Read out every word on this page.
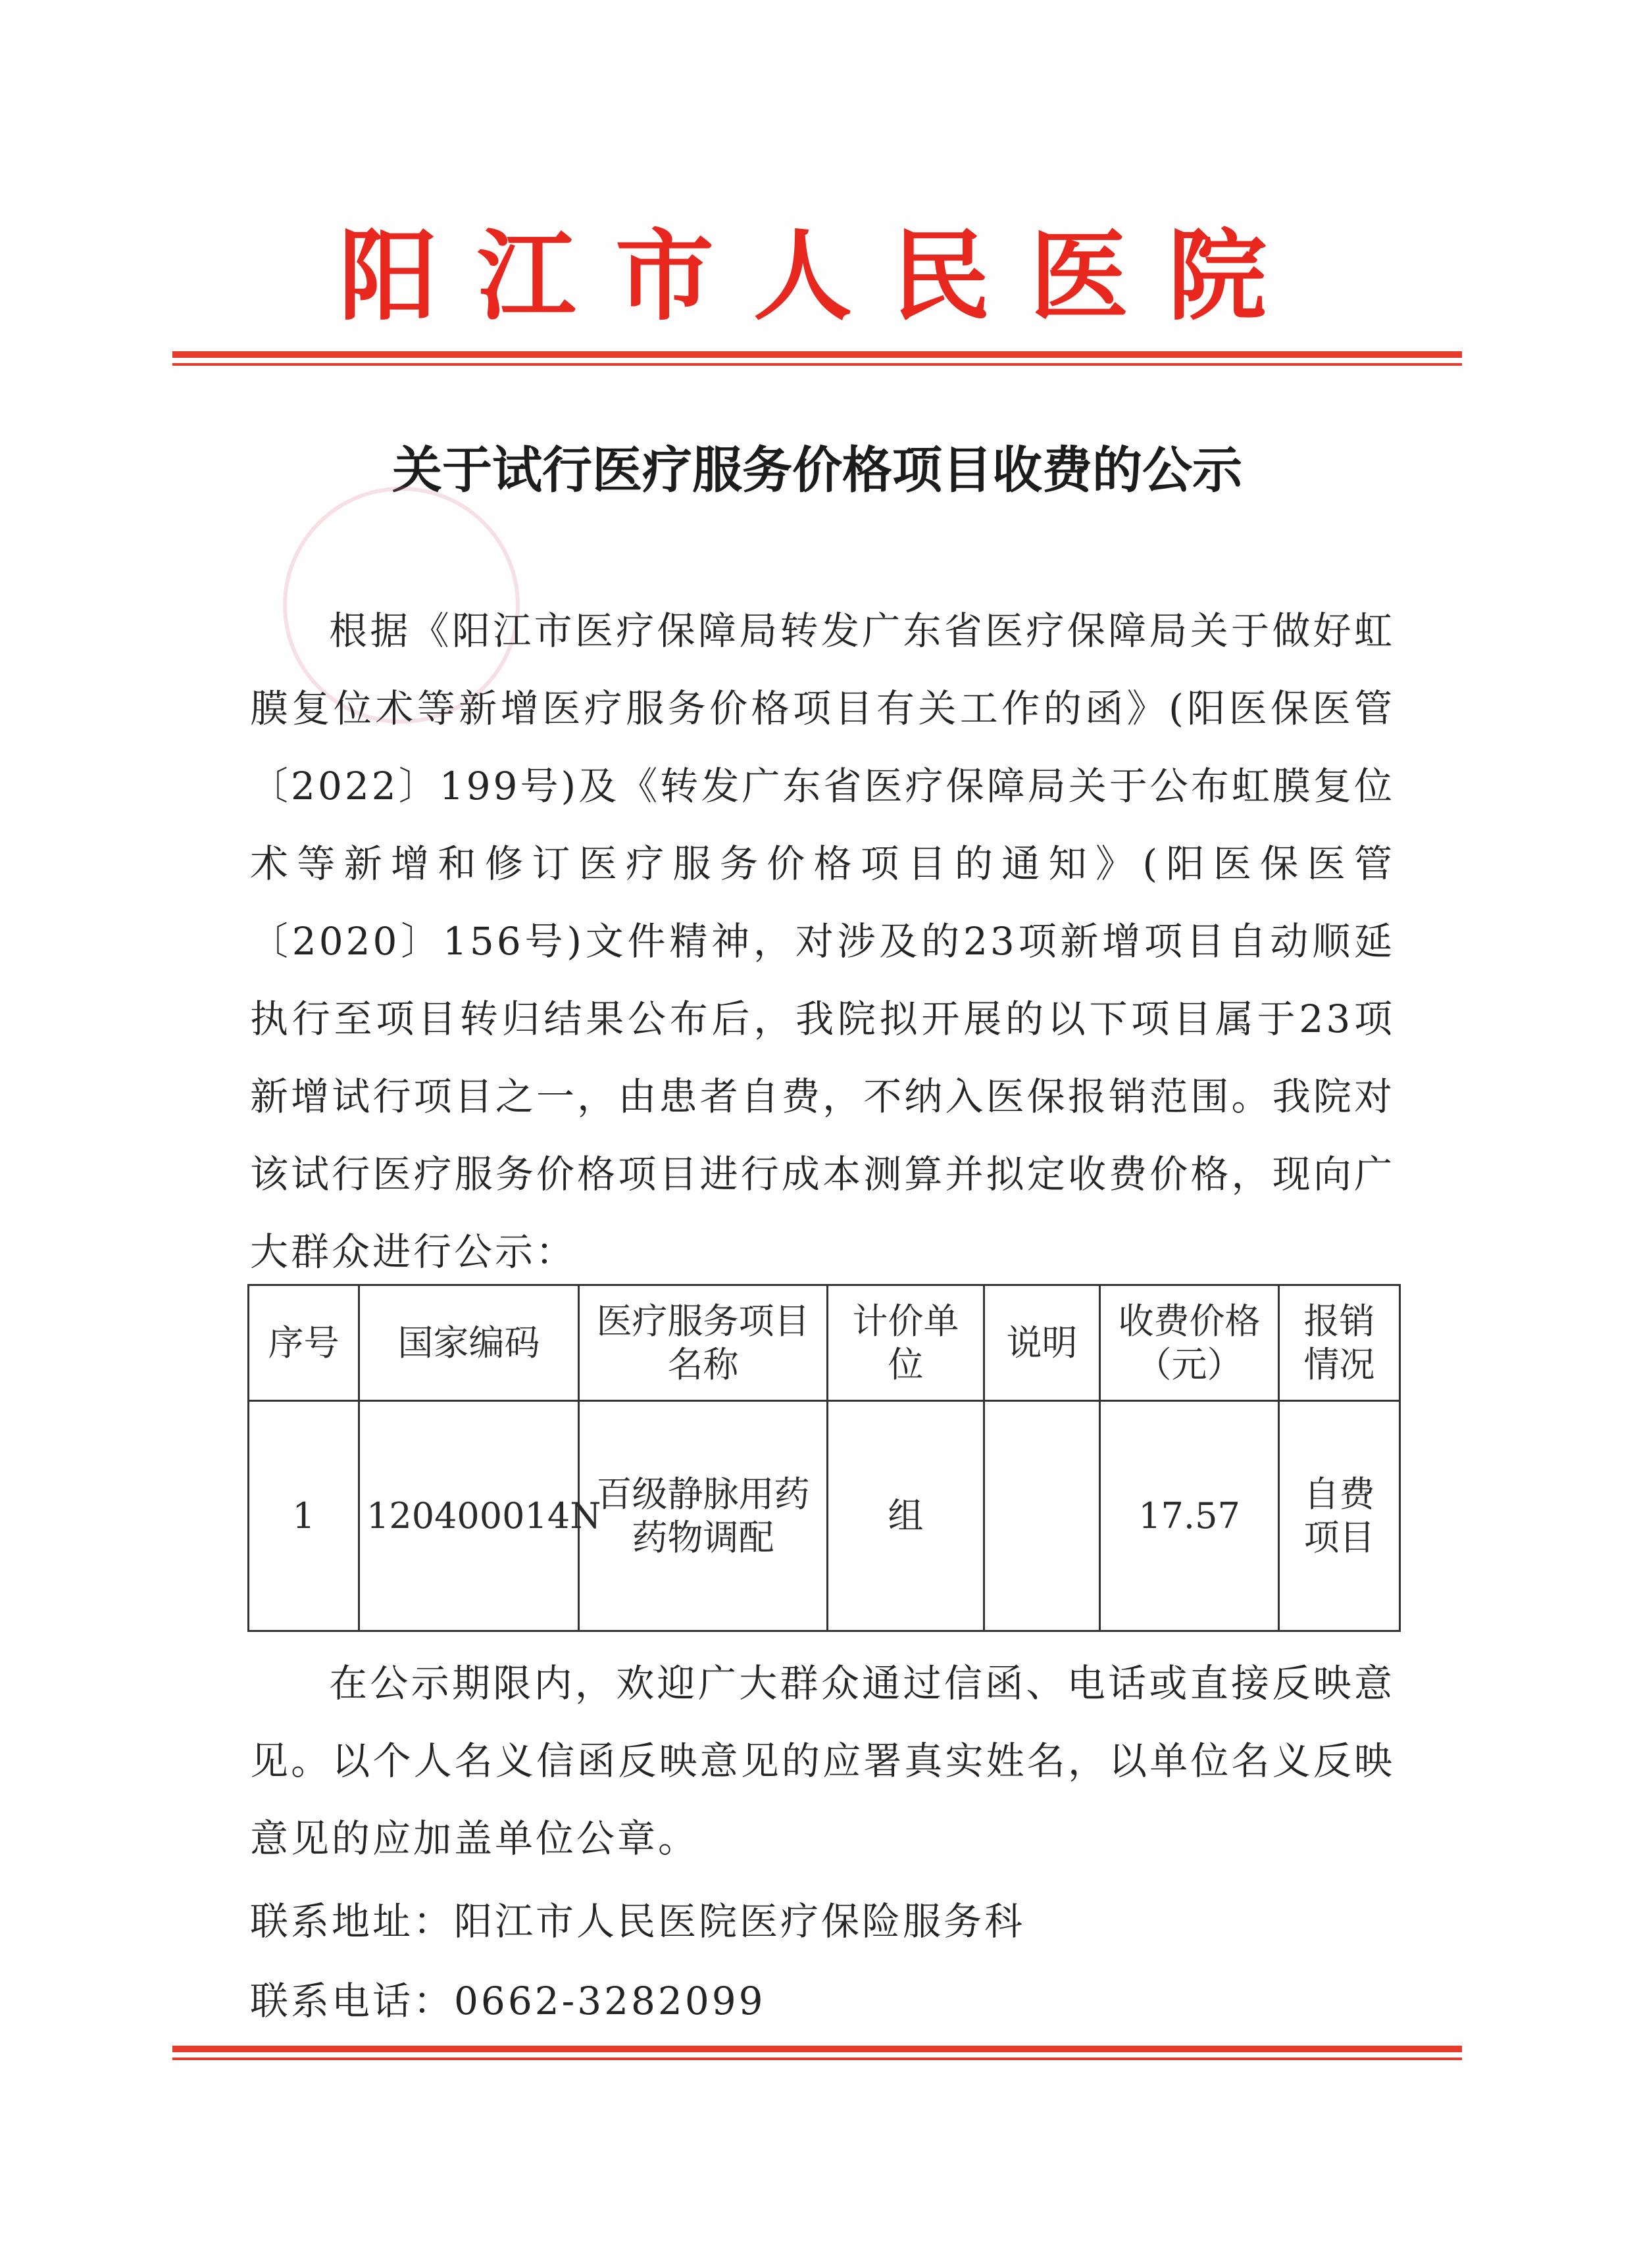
阳江市人民医院
关于试行医疗服务价格项目收费的公示
根据《阳江市医疗保障局转发广东省医疗保障局关于做好虹膜复位术等新增医疗服务价格项目有关工作的函》(阳医保医管〔2022〕199号)及《转发广东省医疗保障局关于公布虹膜复位术等新增和修订医疗服务价格项目的通知》(阳医保医管〔2020〕156号)文件精神，对涉及的23项新增项目自动顺延执行至项目转归结果公布后，我院拟开展的以下项目属于23项新增试行项目之一，由患者自费，不纳入医保报销范围。我院对该试行医疗服务价格项目进行成本测算并拟定收费价格，现向广大群众进行公示：
序号	国家编码	医疗服务项目名称	计价单位	说明	收费价格（元）	报销情况
1	120400014N	百级静脉用药药物调配	组		17.57	自费项目
在公示期限内，欢迎广大群众通过信函、电话或直接反映意见。以个人名义信函反映意见的应署真实姓名，以单位名义反映意见的应加盖单位公章。
联系地址：阳江市人民医院医疗保险服务科
联系电话：0662-3282099
